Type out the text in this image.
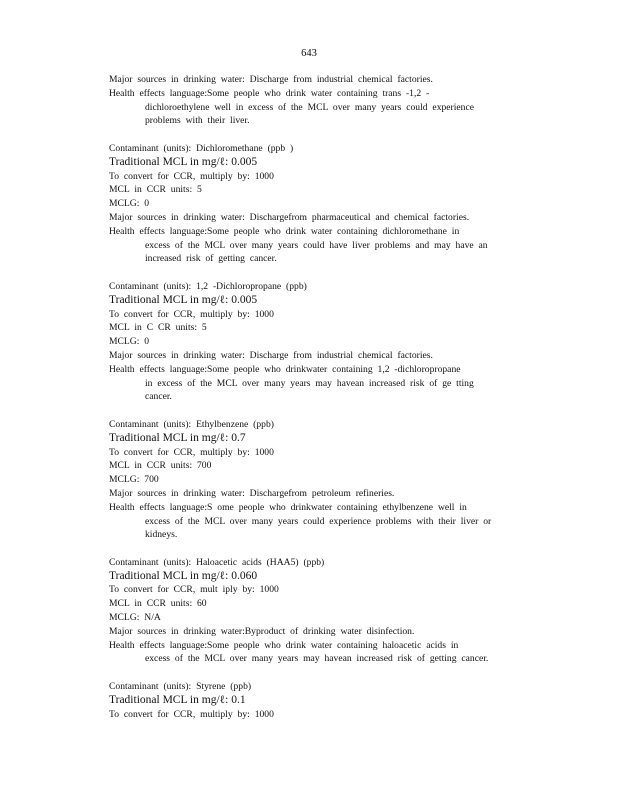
643
Major sources in drinking water: Discharge from industrial chemical factories.
Health effects language:Some people who drink water containing trans -1,2 -
dichloroethylene well in excess of the MCL over many years could experience
problems with their liver.
Contaminant (units): Dichloromethane (ppb )
Traditional MCL in mg/ℓ: 0.005
To convert for CCR, multiply by: 1000
MCL in CCR units: 5
MCLG: 0
Major sources in drinking water: Dischargefrom pharmaceutical and chemical factories.
Health effects language:Some people who drink water containing dichloromethane in
excess of the MCL over many years could have liver problems and may have an
increased risk of getting cancer.
Contaminant (units): 1,2 -Dichloropropane (ppb)
Traditional MCL in mg/ℓ: 0.005
To convert for CCR, multiply by: 1000
MCL in C CR units: 5
MCLG: 0
Major sources in drinking water: Discharge from industrial chemical factories.
Health effects language:Some people who drinkwater containing 1,2 -dichloropropane
in excess of the MCL over many years may havean increased risk of ge tting
cancer.
Contaminant (units): Ethylbenzene (ppb)
Traditional MCL in mg/ℓ: 0.7
To convert for CCR, multiply by: 1000
MCL in CCR units: 700
MCLG: 700
Major sources in drinking water: Dischargefrom petroleum refineries.
Health effects language:S ome people who drinkwater containing ethylbenzene well in
excess of the MCL over many years could experience problems with their liver or
kidneys.
Contaminant (units): Haloacetic acids (HAA5) (ppb)
Traditional MCL in mg/ℓ: 0.060
To convert for CCR, mult iply by: 1000
MCL in CCR units: 60
MCLG: N/A
Major sources in drinking water:Byproduct of drinking water disinfection.
Health effects language:Some people who drink water containing haloacetic acids in
excess of the MCL over many years may havean increased risk of getting cancer.
Contaminant (units): Styrene (ppb)
Traditional MCL in mg/ℓ: 0.1
To convert for CCR, multiply by: 1000
